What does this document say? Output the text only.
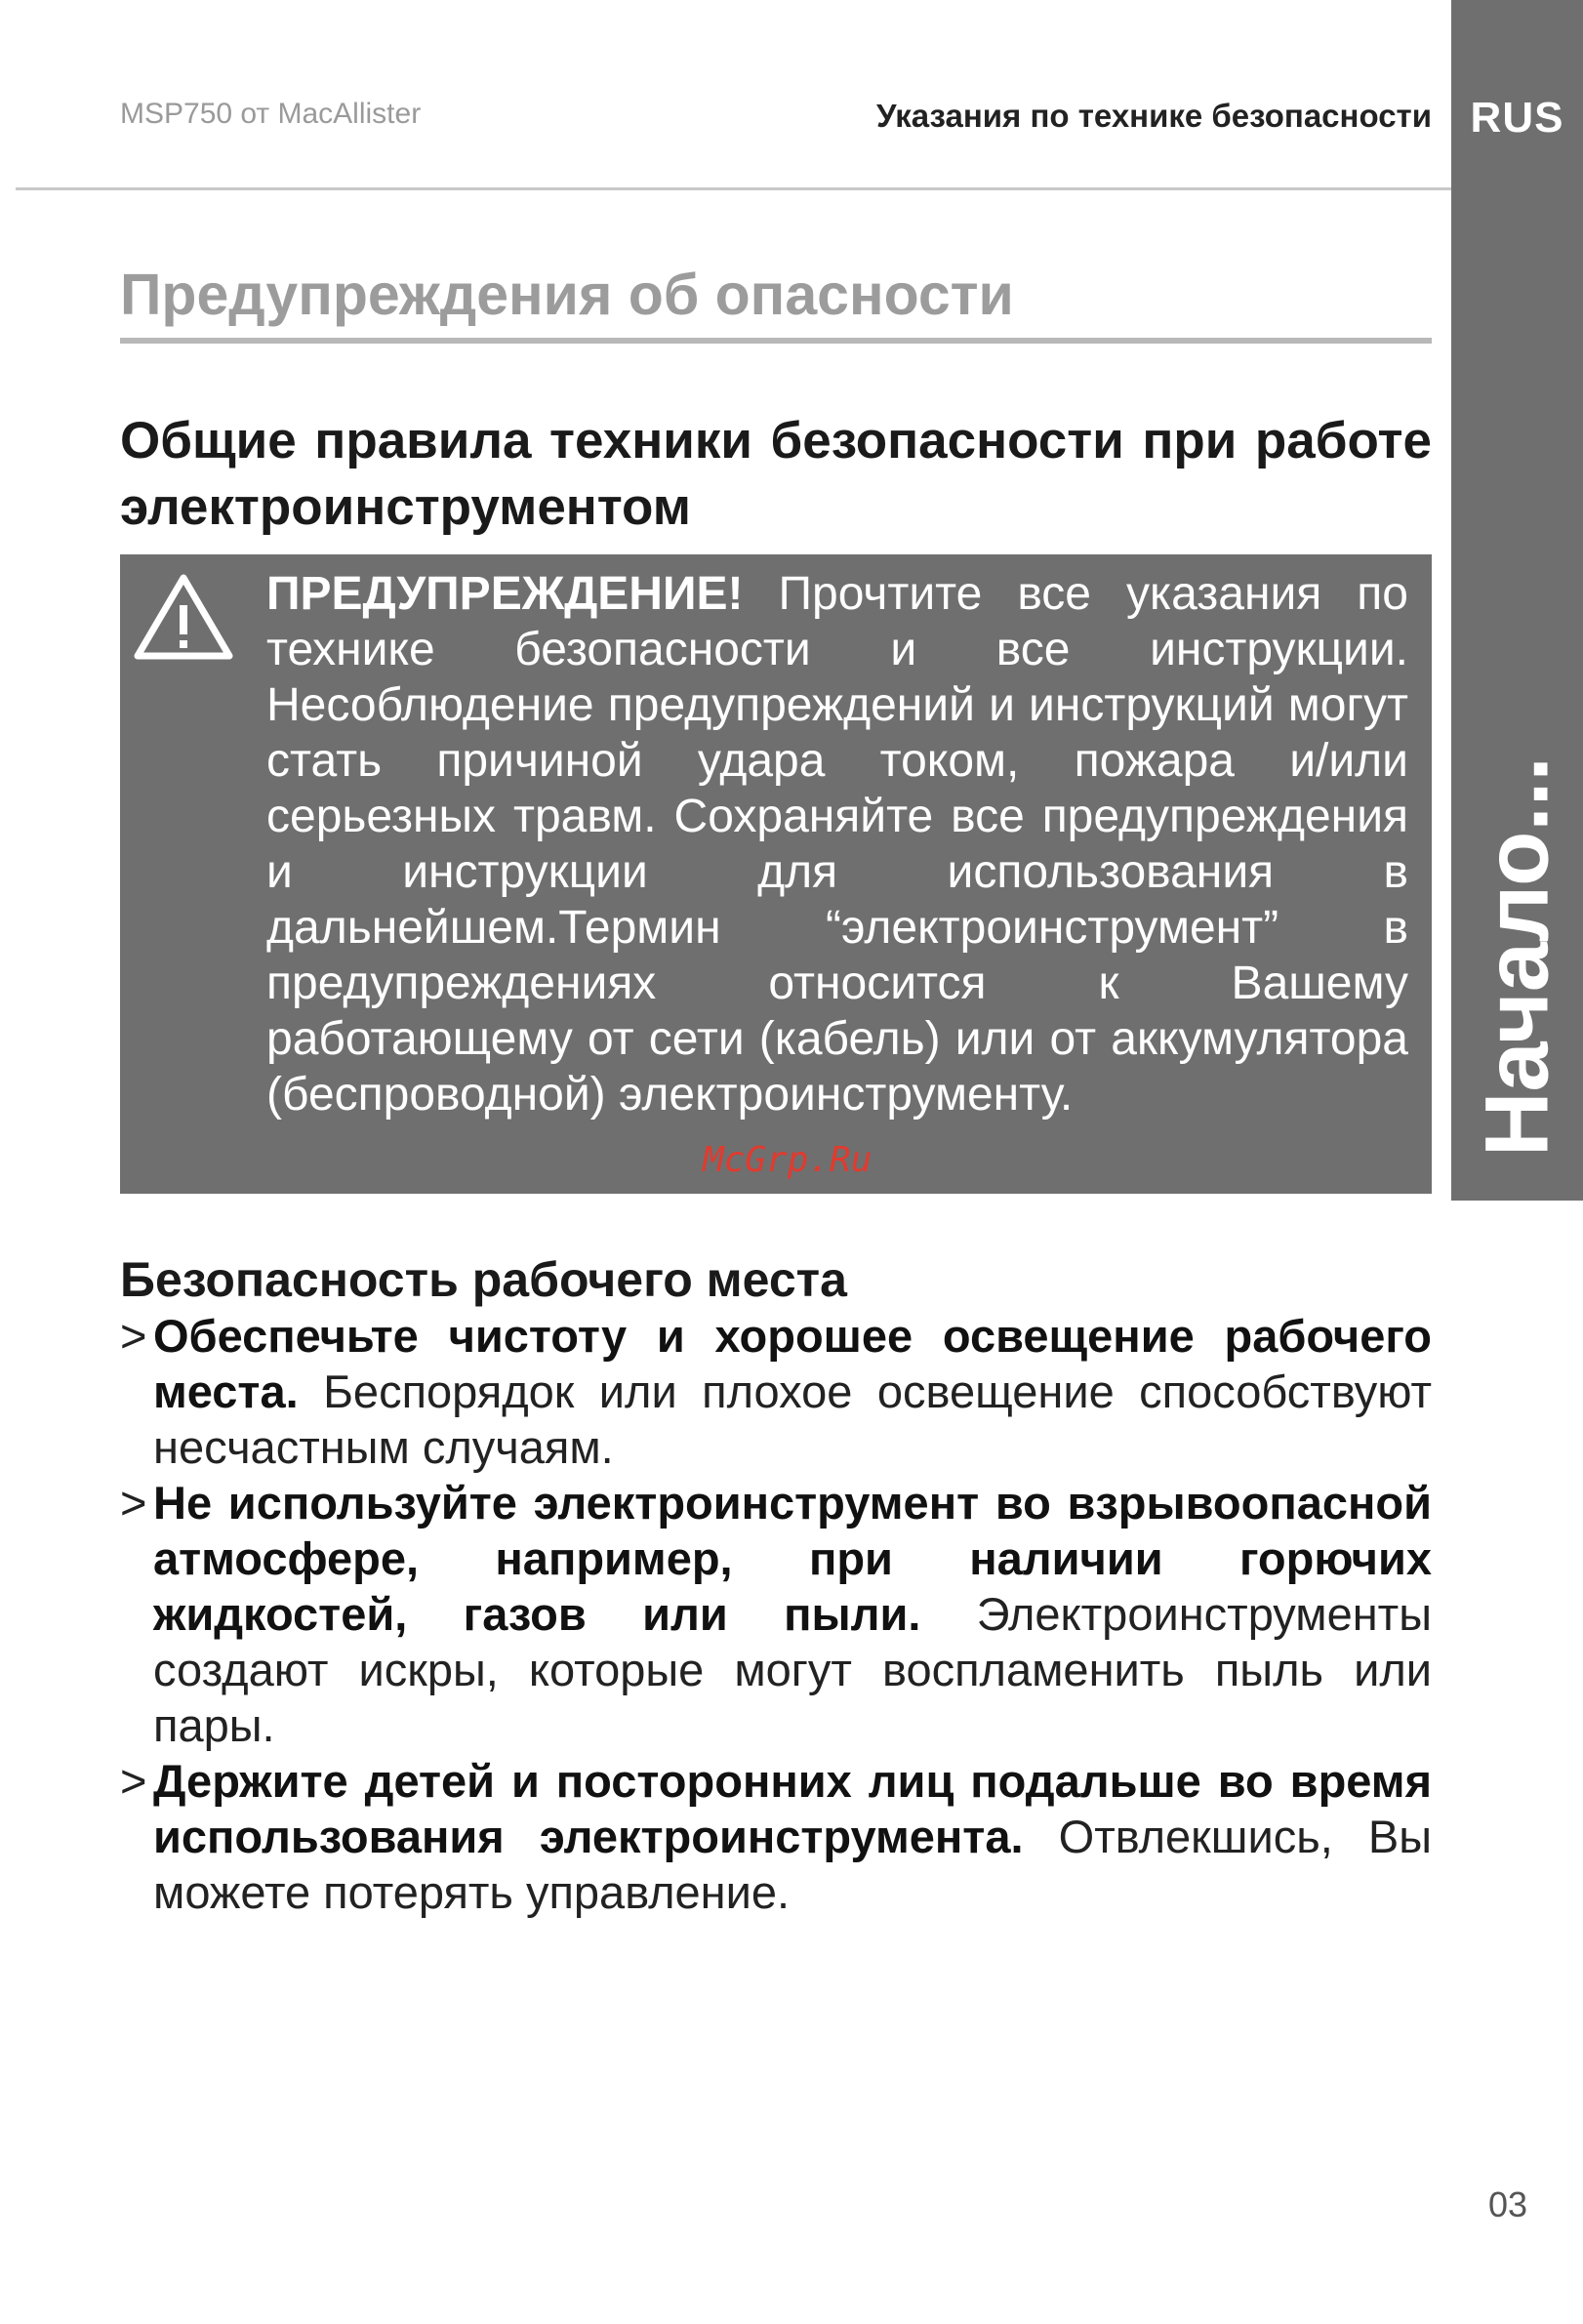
RUS
Начало...
MSP750 от MacAllister	Указания по технике безопасности
Предупреждения об опасности
Общие правила техники безопасности при работе электроинструментом
ПРЕДУПРЕЖДЕНИЕ! Прочтите все указания по технике безопасности и все инструкции. Несоблюдение предупреждений и инструкций могут стать причиной удара током, пожара и/или серьезных травм. Сохраняйте все предупреждения и инструкции для использования в дальнейшем.Термин “электроинструмент” в предупреждениях относится к Вашему работающему от сети (кабель) или от аккумулятора (беспроводной) электроинструменту.
McGrp.Ru
Безопасность рабочего места
> Обеспечьте чистоту и хорошее освещение рабочего места. Беспорядок или плохое освещение способствуют несчастным случаям.
> Не используйте электроинструмент во взрывоопасной атмосфере, например, при наличии горючих жидкостей, газов или пыли. Электроинструменты создают искры, которые могут воспламенить пыль или пары.
> Держите детей и посторонних лиц подальше во время использования электроинструмента. Отвлекшись, Вы можете потерять управление.
03
